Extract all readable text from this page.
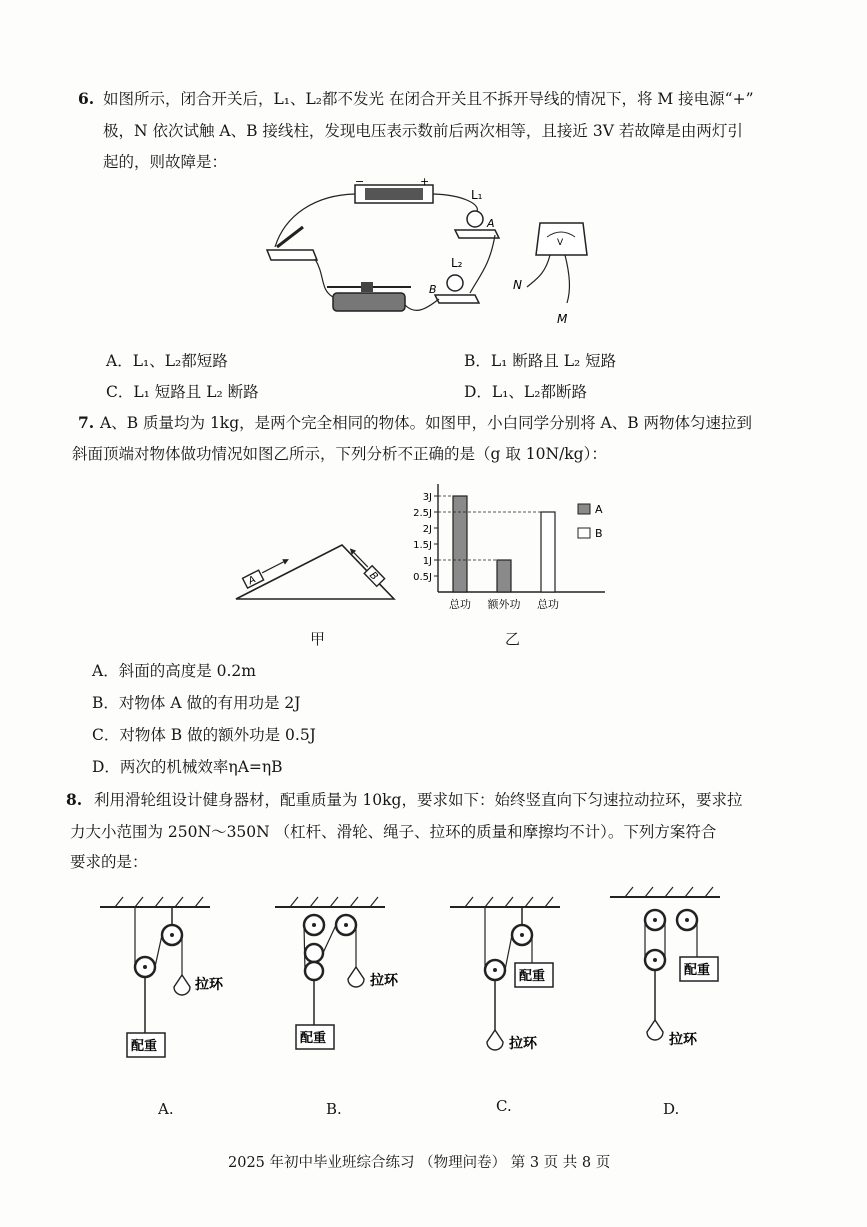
6. 如图所示，闭合开关后，L₁、L₂都不发光 在闭合开关且不拆开导线的情况下，将 M 接电源“+”
极，N 依次试触 A、B 接线柱，发现电压表示数前后两次相等，且接近 3V 若故障是由两灯引
起的，则故障是：
−	+
L₁
A
L₂
B
V
N
M
A．L₁、L₂都短路	B．L₁ 断路且 L₂ 短路
C．L₁ 短路且 L₂ 断路	D．L₁、L₂都断路
7. A、B 质量均为 1kg，是两个完全相同的物体。如图甲，小白同学分别将 A、B 两物体匀速拉到
斜面顶端对物体做功情况如图乙所示，下列分析不正确的是（g 取 10N/kg）：
A	B
甲
A
B
0.5J
1J
1.5J
2J
2.5J
3J
总功 额外功 总功
乙
A．斜面的高度是 0.2m
B．对物体 A 做的有用功是 2J
C．对物体 B 做的额外功是 0.5J
D．两次的机械效率ηA=ηB
8. 利用滑轮组设计健身器材，配重质量为 10kg，要求如下：始终竖直向下匀速拉动拉环，要求拉
力大小范围为 250N～350N （杠杆、滑轮、绳子、拉环的质量和摩擦均不计）。下列方案符合
要求的是：
拉环
配重
A.
拉环
配重
B.
配重
拉环
C.
配重
拉环
D.
2025 年初中毕业班综合练习 （物理问卷） 第 3 页 共 8 页
